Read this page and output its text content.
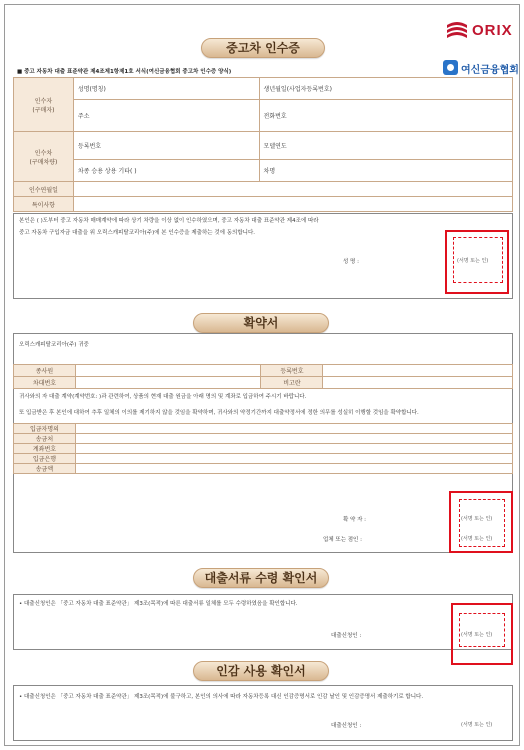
ORIX
여신금융협회
중고차 인수증
■ 중고 자동차 대출 표준약관 제4조제1항제1호 서식(여신금융협회 중고차 인수증 양식)
인수자
(구매자)	성명(명칭)	생년월일(사업자등록번호)
	주소	전화번호

인수차
(구매차량)	등록번호	모델연도
	차종 승용 상용 기타( )	차명
인수연월일		
특이사항		
본인은 ( )도부터 중고 자동차 매매계약에 따라 상기 차량을 이상 없이 인수하였으며, 중고 자동차 대출 표준약관 제4조에 따라
중고 자동차 구입자금 대출을 위 오릭스캐피탈코리아(주)에 본 인수증을 제출하는 것에 동의합니다.
성 명 :	(서명 또는 인)
확약서
오릭스캐피탈코리아(주) 귀중
종사원		등록번호	
차대번호		비고란	
귀사와의 자 대출 계약(계약번호: )과 관련하여, 상품의 현재 대출 원금을 아래 명의 및 계좌로 입금하여 주시기 바랍니다.
또 입금받은 후 본인에 대하여 추후 일체의 이의를 제기하지 않을 것임을 확약하며, 귀사와의 약정기간까지 대출약정서에 정한 의무를 성실히 이행할 것임을 확약합니다.
입금자명의	
송금처	
계좌번호	
입금은행	
송금액	
확 약 자 :
업체 또는 점인 :
(서명 또는 인)
(서명 또는 인)
대출서류 수령 확인서
• 대출신청인은 「중고 자동차 대출 표준약관」 제3조(목적)에 따른 대출서류 일체를 모두 수령하였음을 확인합니다.
대출신청인 :	(서명 또는 인)
인감 사용 확인서
• 대출신청인은 「중고 자동차 대출 표준약관」 제3조(목적)에 불구하고, 본인의 의사에 따라 자동차등록 대신 인감증명서로 인감 날인 및 인감증명서 제출하기로 합니다.
대출신청인 :	(서명 또는 인)
